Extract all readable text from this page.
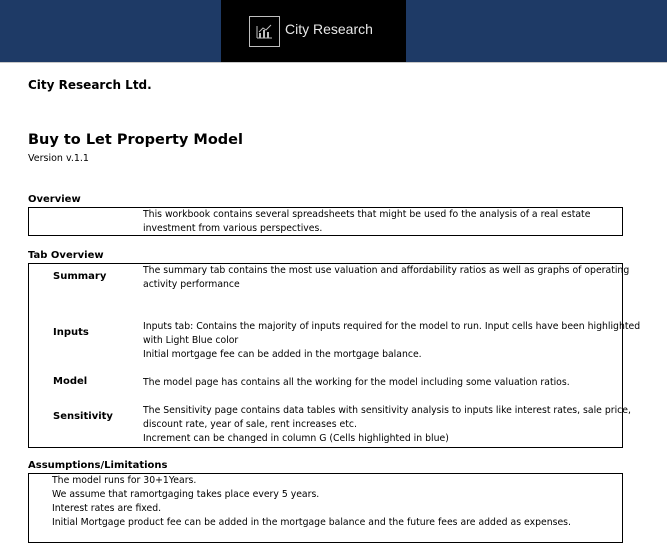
City Research
City Research Ltd.
Buy to Let Property Model
Version v.1.1
Overview
This workbook contains several spreadsheets that might be used fo the analysis of a real estate
investment from various perspectives.
Tab Overview
Summary
The summary tab contains the most use valuation and affordability ratios as well as graphs of operating
activity performance
Inputs
Inputs tab: Contains the majority of inputs required for the model to run. Input cells have been highlighted
with Light Blue color
Initial mortgage fee can be added in the mortgage balance.
Model	The model page has contains all the working for the model including some valuation ratios.
Sensitivity
The Sensitivity page contains data tables with sensitivity analysis to inputs like interest rates, sale price,
discount rate, year of sale, rent increases etc.
Increment can be changed in column G (Cells highlighted in blue)
Assumptions/Limitations
The model runs for 30+1Years.
We assume that ramortgaging takes place every 5 years.
Interest rates are fixed.
Initial Mortgage product fee can be added in the mortgage balance and the future fees are added as expenses.
